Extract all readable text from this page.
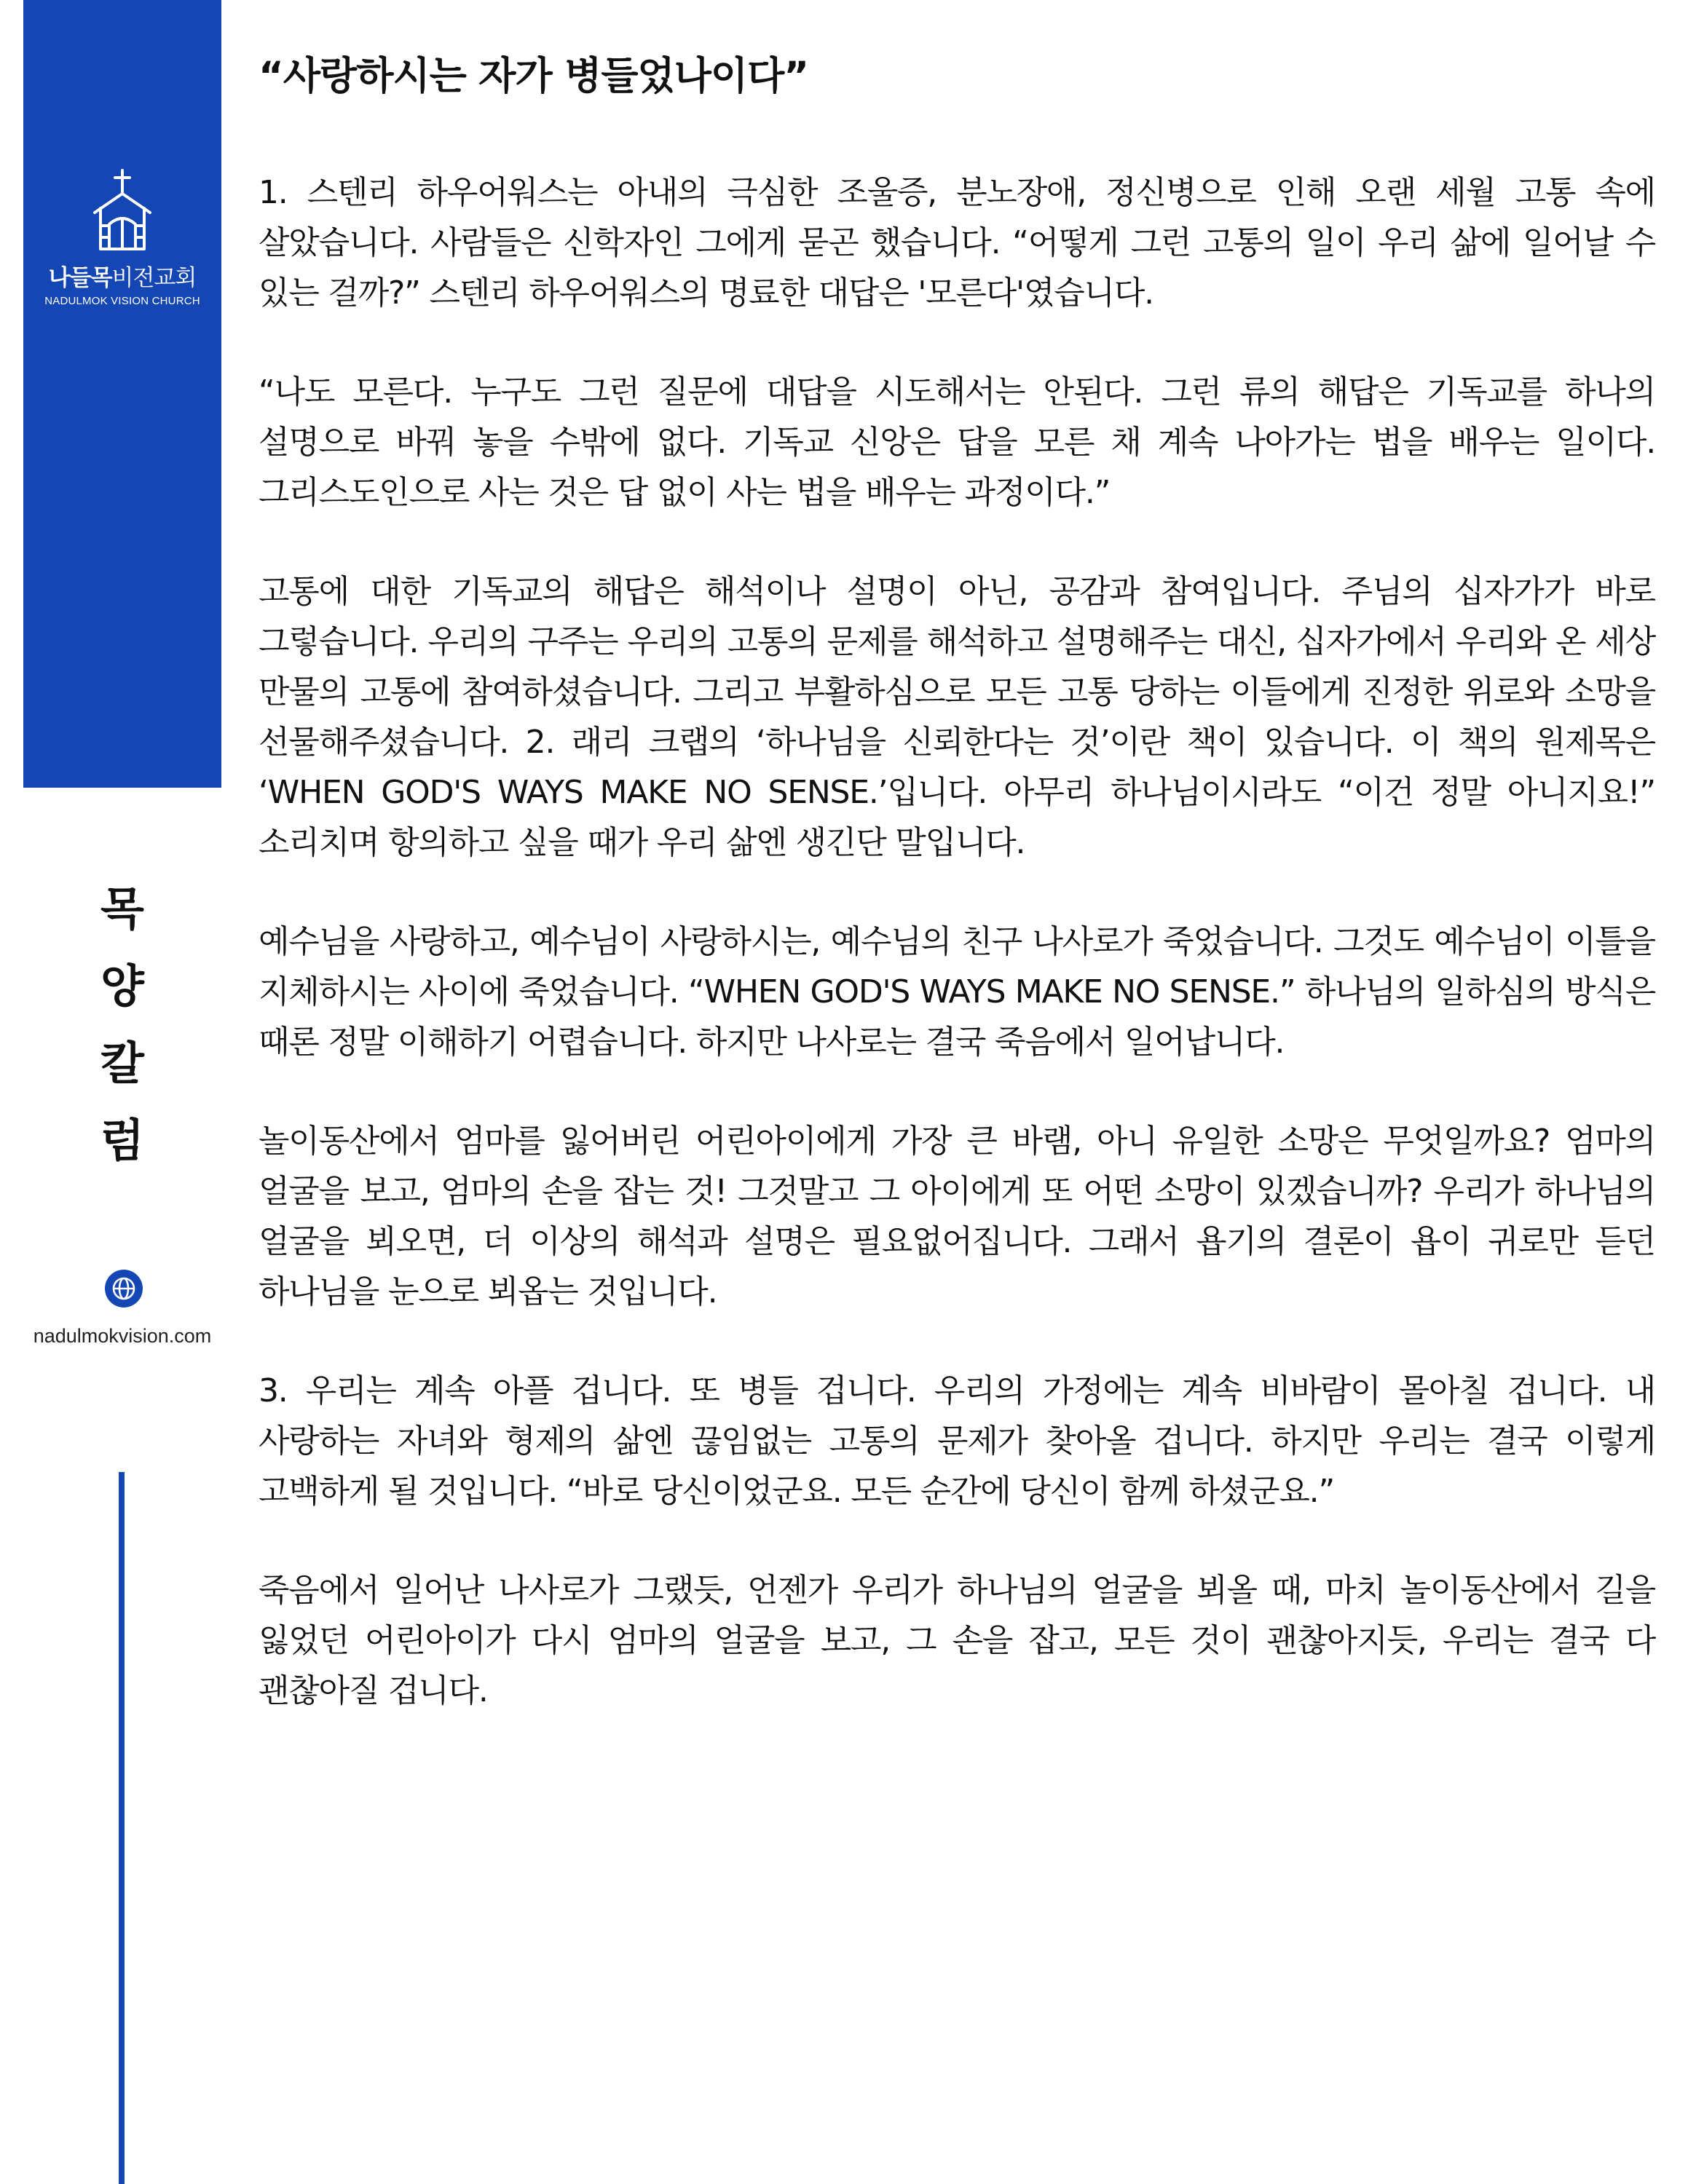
나들목비전교회
NADULMOK VISION CHURCH
목
양
칼
럼
nadulmokvision.com
“사랑하시는 자가 병들었나이다”

1. 스텐리 하우어워스는 아내의 극심한 조울증, 분노장애, 정신병으로 인해 오랜 세월 고통 속에 살았습니다. 사람들은 신학자인 그에게 묻곤 했습니다. “어떻게 그런 고통의 일이 우리 삶에 일어날 수 있는 걸까?” 스텐리 하우어워스의 명료한 대답은 '모른다'였습니다.

“나도 모른다. 누구도 그런 질문에 대답을 시도해서는 안된다. 그런 류의 해답은 기독교를 하나의 설명으로 바꿔 놓을 수밖에 없다. 기독교 신앙은 답을 모른 채 계속 나아가는 법을 배우는 일이다. 그리스도인으로 사는 것은 답 없이 사는 법을 배우는 과정이다.”

고통에 대한 기독교의 해답은 해석이나 설명이 아닌, 공감과 참여입니다. 주님의 십자가가 바로 그렇습니다. 우리의 구주는 우리의 고통의 문제를 해석하고 설명해주는 대신, 십자가에서 우리와 온 세상 만물의 고통에 참여하셨습니다. 그리고 부활하심으로 모든 고통 당하는 이들에게 진정한 위로와 소망을 선물해주셨습니다. 2. 래리 크랩의 ‘하나님을 신뢰한다는 것’이란 책이 있습니다. 이 책의 원제목은 ‘WHEN GOD'S WAYS MAKE NO SENSE.’입니다. 아무리 하나님이시라도 “이건 정말 아니지요!” 소리치며 항의하고 싶을 때가 우리 삶엔 생긴단 말입니다.

예수님을 사랑하고, 예수님이 사랑하시는, 예수님의 친구 나사로가 죽었습니다. 그것도 예수님이 이틀을 지체하시는 사이에 죽었습니다. “WHEN GOD'S WAYS MAKE NO SENSE.” 하나님의 일하심의 방식은 때론 정말 이해하기 어렵습니다. 하지만 나사로는 결국 죽음에서 일어납니다.

놀이동산에서 엄마를 잃어버린 어린아이에게 가장 큰 바램, 아니 유일한 소망은 무엇일까요? 엄마의 얼굴을 보고, 엄마의 손을 잡는 것! 그것말고 그 아이에게 또 어떤 소망이 있겠습니까? 우리가 하나님의 얼굴을 뵈오면, 더 이상의 해석과 설명은 필요없어집니다. 그래서 욥기의 결론이 욥이 귀로만 듣던 하나님을 눈으로 뵈옵는 것입니다.

3. 우리는 계속 아플 겁니다. 또 병들 겁니다. 우리의 가정에는 계속 비바람이 몰아칠 겁니다. 내 사랑하는 자녀와 형제의 삶엔 끊임없는 고통의 문제가 찾아올 겁니다. 하지만 우리는 결국 이렇게 고백하게 될 것입니다. “바로 당신이었군요. 모든 순간에 당신이 함께 하셨군요.”

죽음에서 일어난 나사로가 그랬듯, 언젠가 우리가 하나님의 얼굴을 뵈올 때, 마치 놀이동산에서 길을 잃었던 어린아이가 다시 엄마의 얼굴을 보고, 그 손을 잡고, 모든 것이 괜찮아지듯, 우리는 결국 다 괜찮아질 겁니다.
